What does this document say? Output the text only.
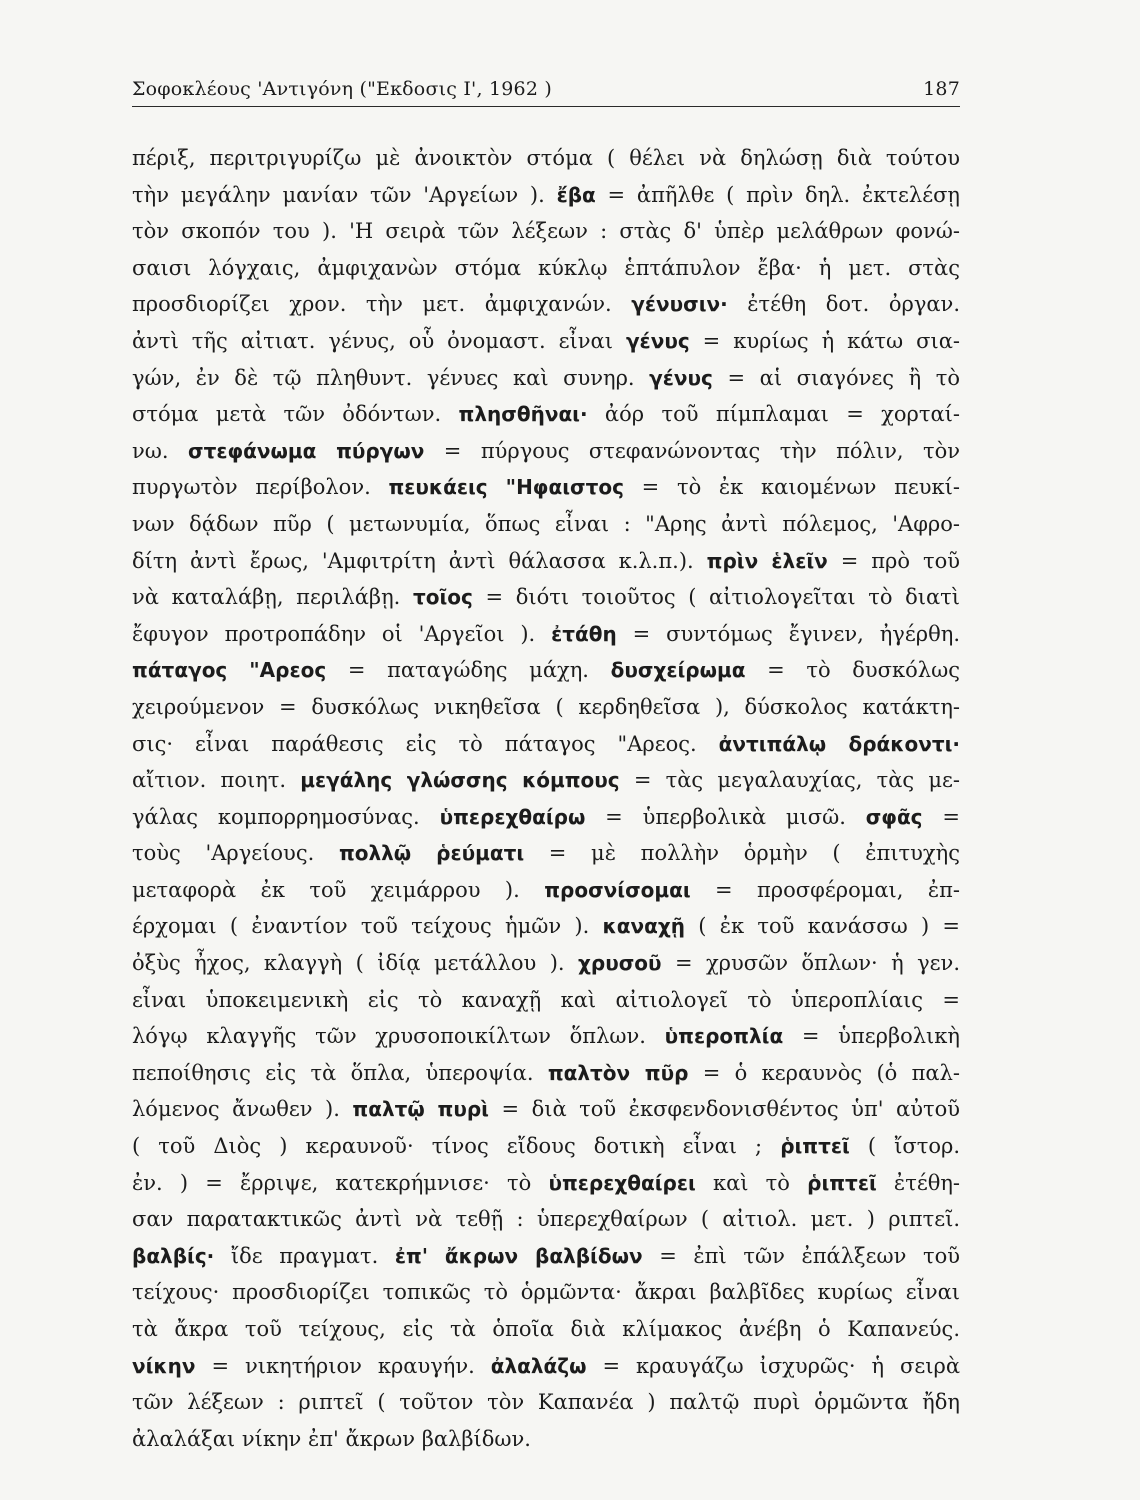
Σοφοκλέους 'Αντιγόνη ("Εκδοσις Ι', 1962 )	187
πέριξ, περιτριγυρίζω μὲ ἀνοικτὸν στόμα ( θέλει νὰ δηλώσῃ διὰ τούτου
τὴν μεγάλην μανίαν τῶν 'Αργείων ). ἔβα = ἀπῆλθε ( πρὶν δηλ. ἐκτελέσῃ
τὸν σκοπόν του ). 'Η σειρὰ τῶν λέξεων : στὰς δ' ὑπὲρ μελάθρων φονώ-
σαισι λόγχαις, ἀμφιχανὼν στόμα κύκλῳ ἑπτάπυλον ἔβα· ἡ μετ. στὰς
προσδιορίζει χρον. τὴν μετ. ἀμφιχανών. γένυσιν· ἐτέθη δοτ. ὀργαν.
ἀντὶ τῆς αἰτιατ. γένυς, οὗ ὀνομαστ. εἶναι γένυς = κυρίως ἡ κάτω σια-
γών, ἐν δὲ τῷ πληθυντ. γένυες καὶ συνηρ. γένυς = αἱ σιαγόνες ἢ τὸ
στόμα μετὰ τῶν ὀδόντων. πλησθῆναι· ἀόρ τοῦ πίμπλαμαι = χορταί-
νω. στεφάνωμα πύργων = πύργους στεφανώνοντας τὴν πόλιν, τὸν
πυργωτὸν περίβολον. πευκάεις "Ηφαιστος = τὸ ἐκ καιομένων πευκί-
νων δᾴδων πῦρ ( μετωνυμία, ὅπως εἶναι : "Αρης ἀντὶ πόλεμος, 'Αφρο-
δίτη ἀντὶ ἔρως, 'Αμφιτρίτη ἀντὶ θάλασσα κ.λ.π.). πρὶν ἑλεῖν = πρὸ τοῦ
νὰ καταλάβῃ, περιλάβῃ. τοῖος = διότι τοιοῦτος ( αἰτιολογεῖται τὸ διατὶ
ἔφυγον προτροπάδην οἱ 'Αργεῖοι ). ἐτάθη = συντόμως ἔγινεν, ἠγέρθη.
πάταγος "Αρεος = παταγώδης μάχη. δυσχείρωμα = τὸ δυσκόλως
χειρούμενον = δυσκόλως νικηθεῖσα ( κερδηθεῖσα ), δύσκολος κατάκτη-
σις· εἶναι παράθεσις εἰς τὸ πάταγος "Αρεος. ἀντιπάλῳ δράκοντι·
αἴτιον. ποιητ. μεγάλης γλώσσης κόμπους = τὰς μεγαλαυχίας, τὰς με-
γάλας κομπορρημοσύνας. ὑπερεχθαίρω = ὑπερβολικὰ μισῶ. σφᾶς =
τοὺς 'Αργείους. πολλῷ ῥεύματι = μὲ πολλὴν ὁρμὴν ( ἐπιτυχὴς
μεταφορὰ ἐκ τοῦ χειμάρρου ). προσνίσομαι = προσφέρομαι, ἐπ-
έρχομαι ( ἐναντίον τοῦ τείχους ἡμῶν ). καναχῇ ( ἐκ τοῦ κανάσσω ) =
ὀξὺς ἦχος, κλαγγὴ ( ἰδίᾳ μετάλλου ). χρυσοῦ = χρυσῶν ὅπλων· ἡ γεν.
εἶναι ὑποκειμενικὴ εἰς τὸ καναχῇ καὶ αἰτιολογεῖ τὸ ὑπεροπλίαις =
λόγῳ κλαγγῆς τῶν χρυσοποικίλτων ὅπλων. ὑπεροπλία = ὑπερβολικὴ
πεποίθησις εἰς τὰ ὅπλα, ὑπεροψία. παλτὸν πῦρ = ὁ κεραυνὸς (ὁ παλ-
λόμενος ἄνωθεν ). παλτῷ πυρὶ = διὰ τοῦ ἐκσφενδονισθέντος ὑπ' αὐτοῦ
( τοῦ Διὸς ) κεραυνοῦ· τίνος εἴδους δοτικὴ εἶναι ; ῥιπτεῖ ( ἴστορ.
ἐν. ) = ἔρριψε, κατεκρήμνισε· τὸ ὑπερεχθαίρει καὶ τὸ ῥιπτεῖ ἐτέθη-
σαν παρατακτικῶς ἀντὶ νὰ τεθῇ : ὑπερεχθαίρων ( αἰτιολ. μετ. ) ριπτεῖ.
βαλβίς· ἴδε πραγματ. ἐπ' ἄκρων βαλβίδων = ἐπὶ τῶν ἐπάλξεων τοῦ
τείχους· προσδιορίζει τοπικῶς τὸ ὁρμῶντα· ἄκραι βαλβῖδες κυρίως εἶναι
τὰ ἄκρα τοῦ τείχους, εἰς τὰ ὁποῖα διὰ κλίμακος ἀνέβη ὁ Καπανεύς.
νίκην = νικητήριον κραυγήν. ἀλαλάζω = κραυγάζω ἰσχυρῶς· ἡ σειρὰ
τῶν λέξεων : ριπτεῖ ( τοῦτον τὸν Καπανέα ) παλτῷ πυρὶ ὁρμῶντα ἤδη
ἀλαλάξαι νίκην ἐπ' ἄκρων βαλβίδων.
